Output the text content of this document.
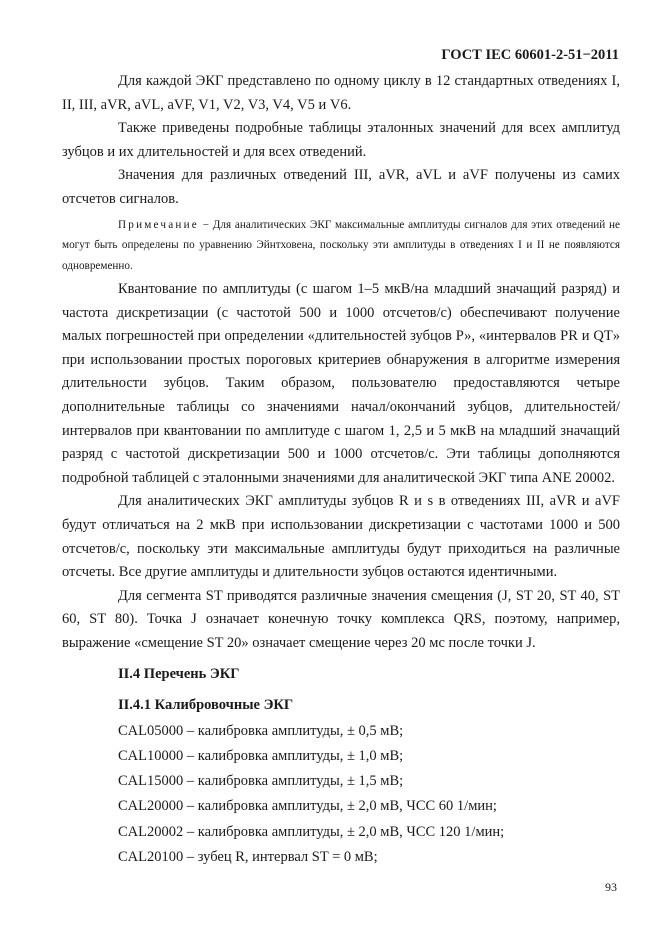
ГОСТ IEC 60601-2-51−2011

Для каждой ЭКГ представлено по одному циклу в 12 стандартных отведениях I, II, III, aVR, aVL, aVF, V1, V2, V3, V4, V5 и V6.

Также приведены подробные таблицы эталонных значений для всех амплитуд зубцов и их длительностей и для всех отведений.

Значения для различных отведений III, aVR, aVL и aVF получены из самих отсчетов сигналов.

Примечание − Для аналитических ЭКГ максимальные амплитуды сигналов для этих отведений не могут быть определены по уравнению Эйнтховена, поскольку эти амплитуды в отведениях I и II не появляются одновременно.

Квантование по амплитуды (с шагом 1–5 мкВ/на младший значащий разряд) и частота дискретизации (с частотой 500 и 1000 отсчетов/с) обеспечивают получение малых погрешностей при определении «длительностей зубцов Р», «интервалов PR и QT» при использовании простых пороговых критериев обнаружения в алгоритме измерения длительности зубцов. Таким образом, пользователю предоставляются четыре дополнительные таблицы со значениями начал/окончаний зубцов, длительностей/интервалов при квантовании по амплитуде с шагом 1, 2,5 и 5 мкВ на младший значащий разряд с частотой дискретизации 500 и 1000 отсчетов/с. Эти таблицы дополняются подробной таблицей с эталонными значениями для аналитической ЭКГ типа ANE 20002.

Для аналитических ЭКГ амплитуды зубцов R и s в отведениях III, aVR и aVF будут отличаться на 2 мкВ при использовании дискретизации с частотами 1000 и 500 отсчетов/с, поскольку эти максимальные амплитуды будут приходиться на различные отсчеты. Все другие амплитуды и длительности зубцов остаются идентичными.

Для сегмента ST приводятся различные значения смещения (J, ST 20, ST 40, ST 60, ST 80). Точка J означает конечную точку комплекса QRS, поэтому, например, выражение «смещение ST 20» означает смещение через 20 мс после точки J.

II.4 Перечень ЭКГ

II.4.1 Калибровочные ЭКГ

CAL05000 – калибровка амплитуды, ± 0,5 мВ;
CAL10000 – калибровка амплитуды, ± 1,0 мВ;
CAL15000 – калибровка амплитуды, ± 1,5 мВ;
CAL20000 – калибровка амплитуды, ± 2,0 мВ, ЧСС 60 1/мин;
CAL20002 – калибровка амплитуды, ± 2,0 мВ, ЧСС 120 1/мин;
CAL20100 – зубец R, интервал ST = 0 мВ;
93
